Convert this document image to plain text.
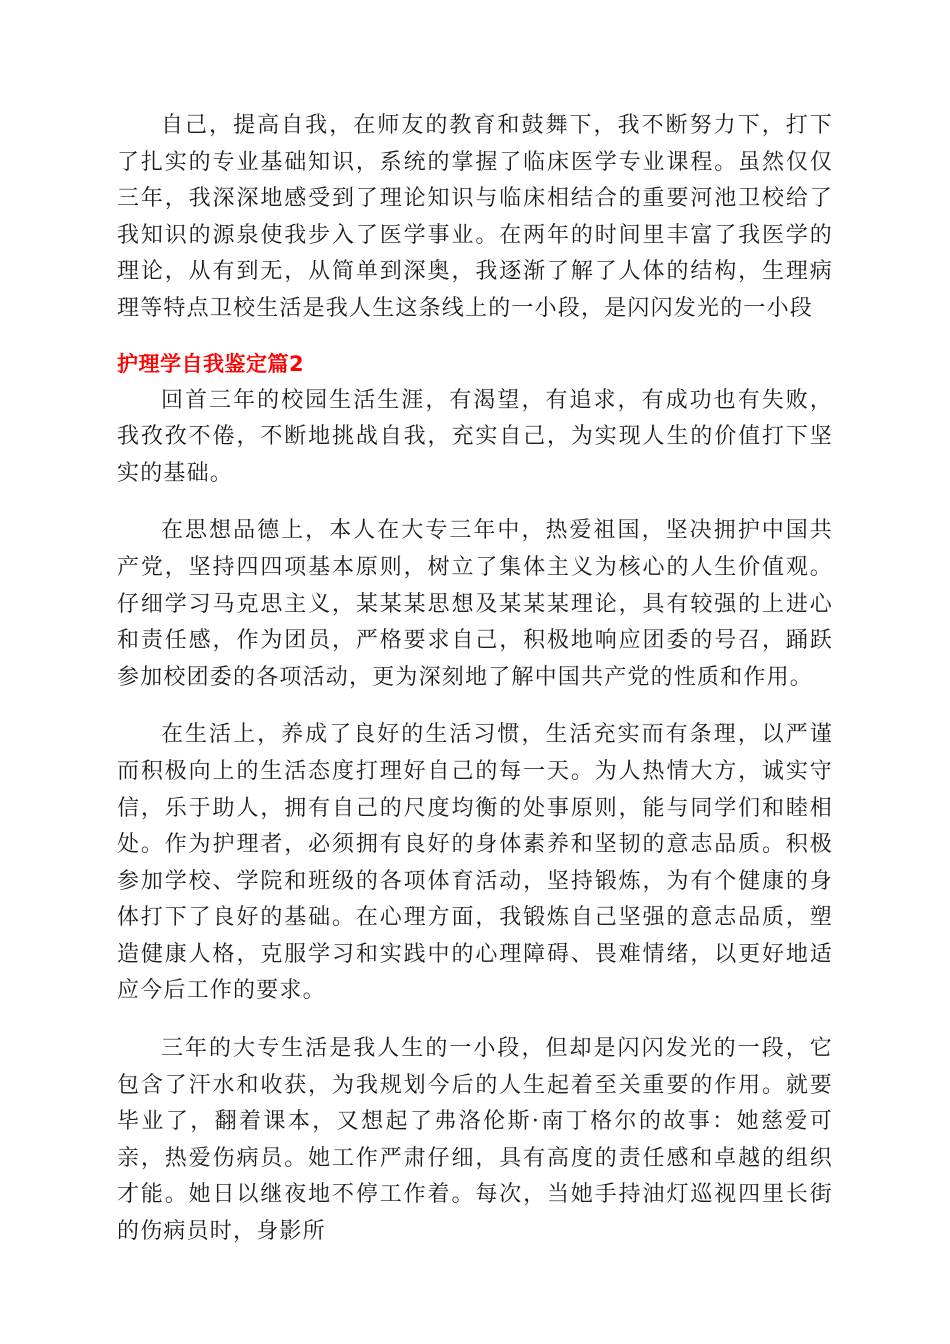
自己，提高自我，在师友的教育和鼓舞下，我不断努力下，打下了扎实的专业基础知识，系统的掌握了临床医学专业课程。虽然仅仅三年，我深深地感受到了理论知识与临床相结合的重要河池卫校给了我知识的源泉使我步入了医学事业。在两年的时间里丰富了我医学的理论，从有到无，从简单到深奥，我逐渐了解了人体的结构，生理病理等特点卫校生活是我人生这条线上的一小段，是闪闪发光的一小段

护理学自我鉴定篇2

回首三年的校园生活生涯，有渴望，有追求，有成功也有失败，我孜孜不倦，不断地挑战自我，充实自己，为实现人生的价值打下坚实的基础。

在思想品德上，本人在大专三年中，热爱祖国，坚决拥护中国共产党，坚持四四项基本原则，树立了集体主义为核心的人生价值观。仔细学习马克思主义，某某某思想及某某某理论，具有较强的上进心和责任感，作为团员，严格要求自己，积极地响应团委的号召，踊跃参加校团委的各项活动，更为深刻地了解中国共产党的性质和作用。

在生活上，养成了良好的生活习惯，生活充实而有条理，以严谨而积极向上的生活态度打理好自己的每一天。为人热情大方，诚实守信，乐于助人，拥有自己的尺度均衡的处事原则，能与同学们和睦相处。作为护理者，必须拥有良好的身体素养和坚韧的意志品质。积极参加学校、学院和班级的各项体育活动，坚持锻炼，为有个健康的身体打下了良好的基础。在心理方面，我锻炼自己坚强的意志品质，塑造健康人格，克服学习和实践中的心理障碍、畏难情绪，以更好地适应今后工作的要求。

三年的大专生活是我人生的一小段，但却是闪闪发光的一段，它包含了汗水和收获，为我规划今后的人生起着至关重要的作用。就要毕业了，翻着课本，又想起了弗洛伦斯·南丁格尔的故事：她慈爱可亲，热爱伤病员。她工作严肃仔细，具有高度的责任感和卓越的组织才能。她日以继夜地不停工作着。每次，当她手持油灯巡视四里长街的伤病员时，身影所
